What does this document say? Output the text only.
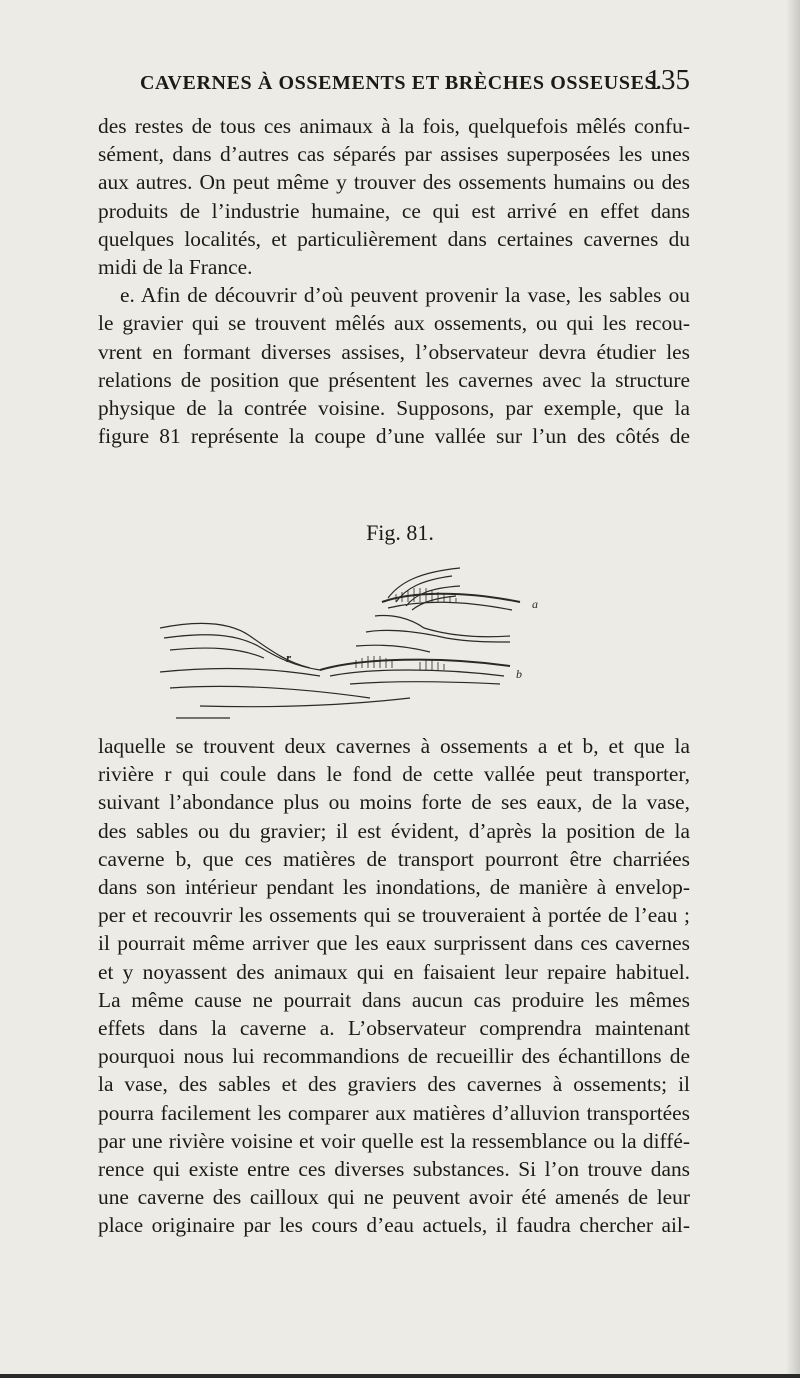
CAVERNES À OSSEMENTS ET BRÈCHES OSSEUSES.
135
des restes de tous ces animaux à la fois, quelquefois mêlés confu-
sément, dans d’autres cas séparés par assises superposées les unes
aux autres. On peut même y trouver des ossements humains ou des
produits de l’industrie humaine, ce qui est arrivé en effet dans
quelques localités, et particulièrement dans certaines cavernes du
midi de la France.
e. Afin de découvrir d’où peuvent provenir la vase, les sables ou
le gravier qui se trouvent mêlés aux ossements, ou qui les recou-
vrent en formant diverses assises, l’observateur devra étudier les
relations de position que présentent les cavernes avec la structure
physique de la contrée voisine. Supposons, par exemple, que la
figure 81 représente la coupe d’une vallée sur l’un des côtés de
Fig. 81.
a
b
r
laquelle se trouvent deux cavernes à ossements a et b, et que la
rivière r qui coule dans le fond de cette vallée peut transporter,
suivant l’abondance plus ou moins forte de ses eaux, de la vase,
des sables ou du gravier; il est évident, d’après la position de la
caverne b, que ces matières de transport pourront être charriées
dans son intérieur pendant les inondations, de manière à envelop-
per et recouvrir les ossements qui se trouveraient à portée de l’eau ;
il pourrait même arriver que les eaux surprissent dans ces cavernes
et y noyassent des animaux qui en faisaient leur repaire habituel.
La même cause ne pourrait dans aucun cas produire les mêmes
effets dans la caverne a. L’observateur comprendra maintenant
pourquoi nous lui recommandions de recueillir des échantillons de
la vase, des sables et des graviers des cavernes à ossements; il
pourra facilement les comparer aux matières d’alluvion transportées
par une rivière voisine et voir quelle est la ressemblance ou la diffé-
rence qui existe entre ces diverses substances. Si l’on trouve dans
une caverne des cailloux qui ne peuvent avoir été amenés de leur
place originaire par les cours d’eau actuels, il faudra chercher ail-
